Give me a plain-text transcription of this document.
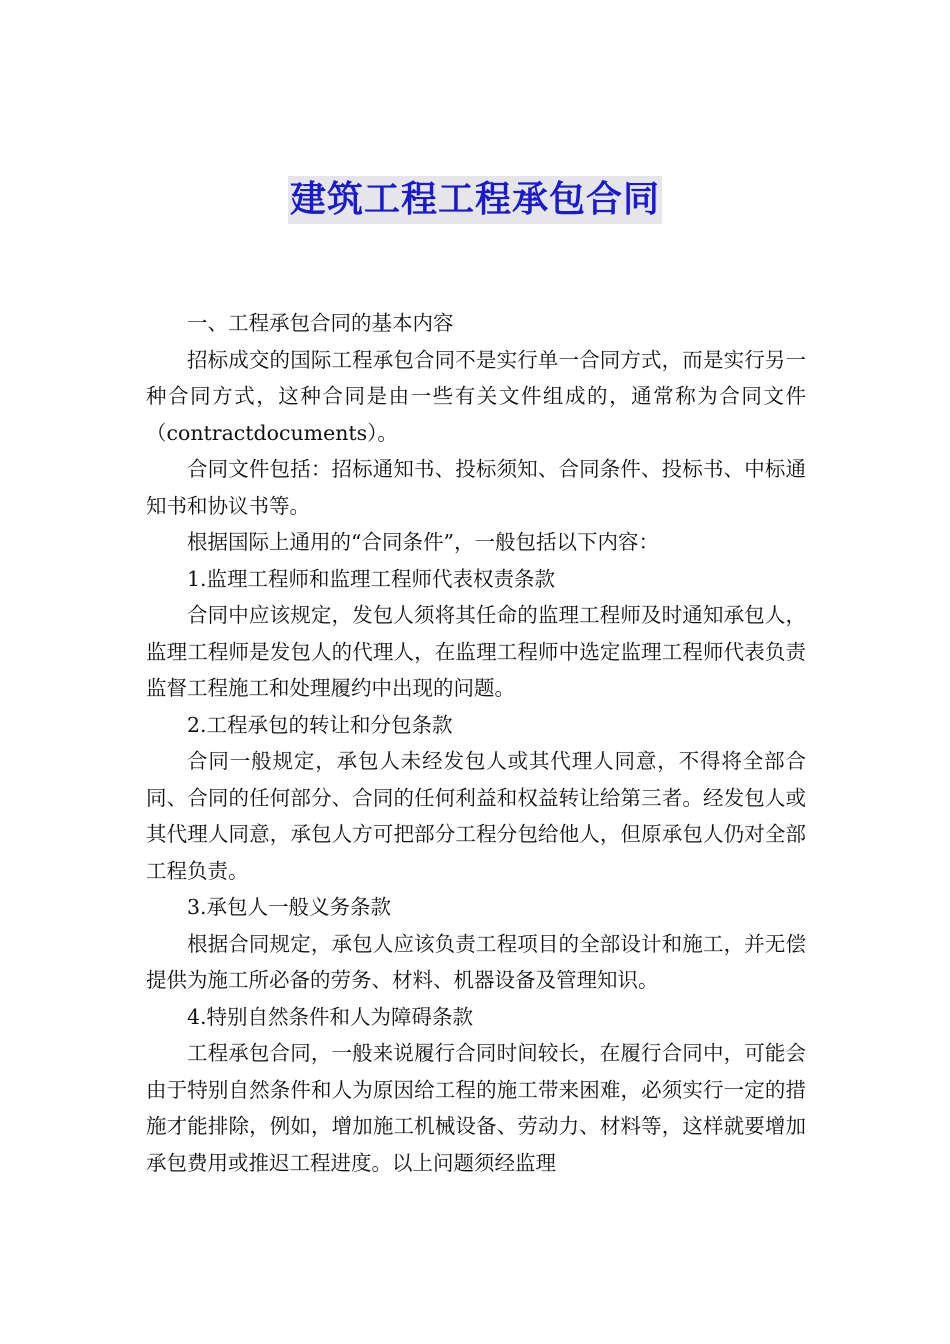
建筑工程工程承包合同

一、工程承包合同的基本内容

招标成交的国际工程承包合同不是实行单一合同方式，而是实行另一种合同方式，这种合同是由一些有关文件组成的，通常称为合同文件（contractdocuments）。

合同文件包括：招标通知书、投标须知、合同条件、投标书、中标通知书和协议书等。

根据国际上通用的“合同条件”，一般包括以下内容：

1.监理工程师和监理工程师代表权责条款

合同中应该规定，发包人须将其任命的监理工程师及时通知承包人，监理工程师是发包人的代理人，在监理工程师中选定监理工程师代表负责监督工程施工和处理履约中出现的问题。

2.工程承包的转让和分包条款

合同一般规定，承包人未经发包人或其代理人同意，不得将全部合同、合同的任何部分、合同的任何利益和权益转让给第三者。经发包人或其代理人同意，承包人方可把部分工程分包给他人，但原承包人仍对全部工程负责。

3.承包人一般义务条款

根据合同规定，承包人应该负责工程项目的全部设计和施工，并无偿提供为施工所必备的劳务、材料、机器设备及管理知识。

4.特别自然条件和人为障碍条款

工程承包合同，一般来说履行合同时间较长，在履行合同中，可能会由于特别自然条件和人为原因给工程的施工带来困难，必须实行一定的措施才能排除，例如，增加施工机械设备、劳动力、材料等，这样就要增加承包费用或推迟工程进度。以上问题须经监理
